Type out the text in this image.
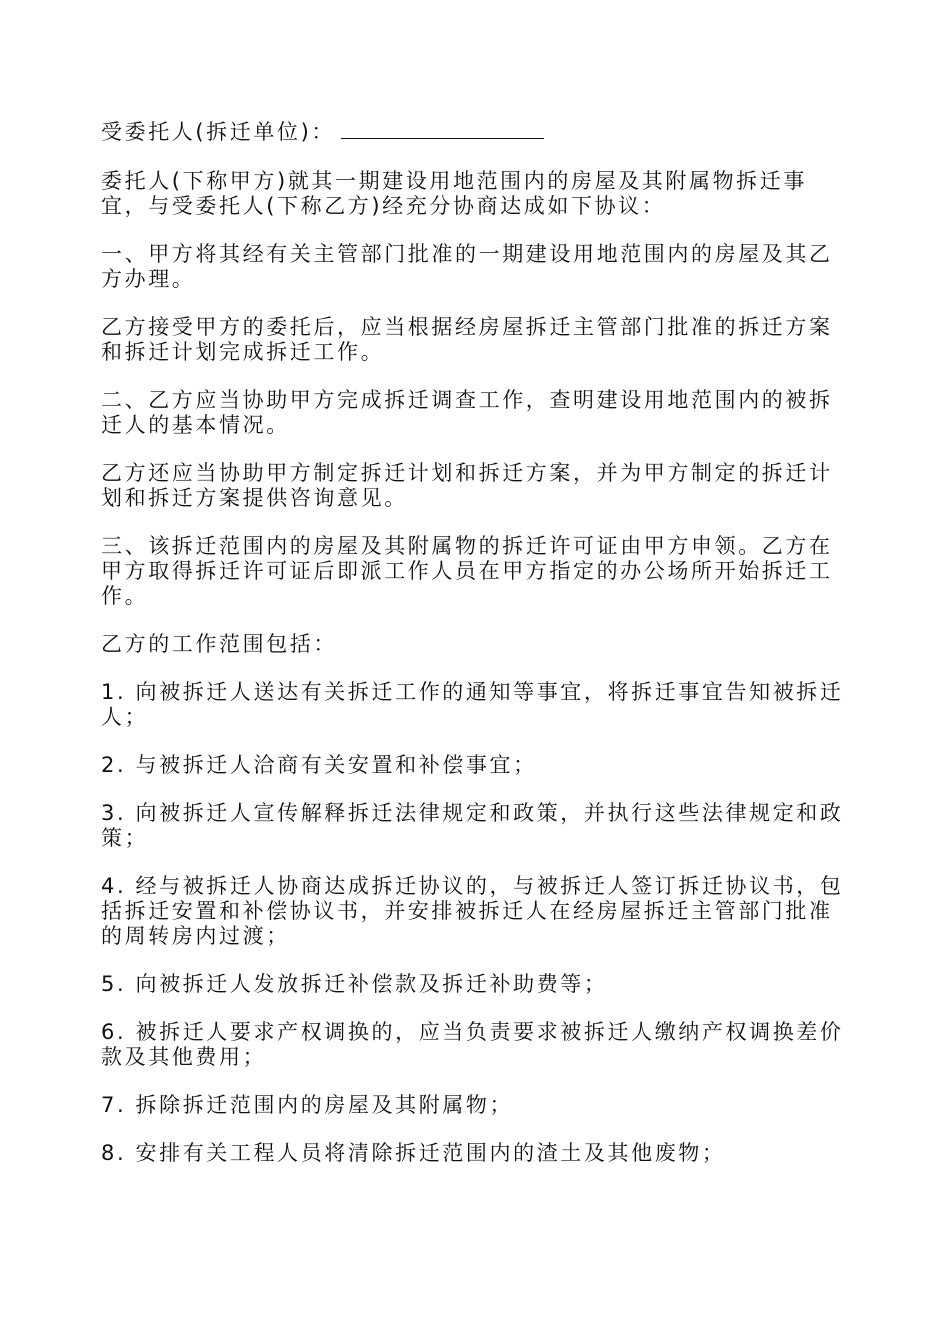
受委托人(拆迁单位)：

委托人(下称甲方)就其一期建设用地范围内的房屋及其附属物拆迁事宜，与受委托人(下称乙方)经充分协商达成如下协议：

一、甲方将其经有关主管部门批准的一期建设用地范围内的房屋及其乙方办理。

乙方接受甲方的委托后，应当根据经房屋拆迁主管部门批准的拆迁方案和拆迁计划完成拆迁工作。

二、乙方应当协助甲方完成拆迁调查工作，查明建设用地范围内的被拆迁人的基本情况。

乙方还应当协助甲方制定拆迁计划和拆迁方案，并为甲方制定的拆迁计划和拆迁方案提供咨询意见。

三、该拆迁范围内的房屋及其附属物的拆迁许可证由甲方申领。乙方在甲方取得拆迁许可证后即派工作人员在甲方指定的办公场所开始拆迁工作。

乙方的工作范围包括：

1. 向被拆迁人送达有关拆迁工作的通知等事宜，将拆迁事宜告知被拆迁人；

2. 与被拆迁人洽商有关安置和补偿事宜；

3. 向被拆迁人宣传解释拆迁法律规定和政策，并执行这些法律规定和政策；

4. 经与被拆迁人协商达成拆迁协议的，与被拆迁人签订拆迁协议书，包括拆迁安置和补偿协议书，并安排被拆迁人在经房屋拆迁主管部门批准的周转房内过渡；

5. 向被拆迁人发放拆迁补偿款及拆迁补助费等；

6. 被拆迁人要求产权调换的，应当负责要求被拆迁人缴纳产权调换差价款及其他费用；

7. 拆除拆迁范围内的房屋及其附属物；

8. 安排有关工程人员将清除拆迁范围内的渣土及其他废物；
